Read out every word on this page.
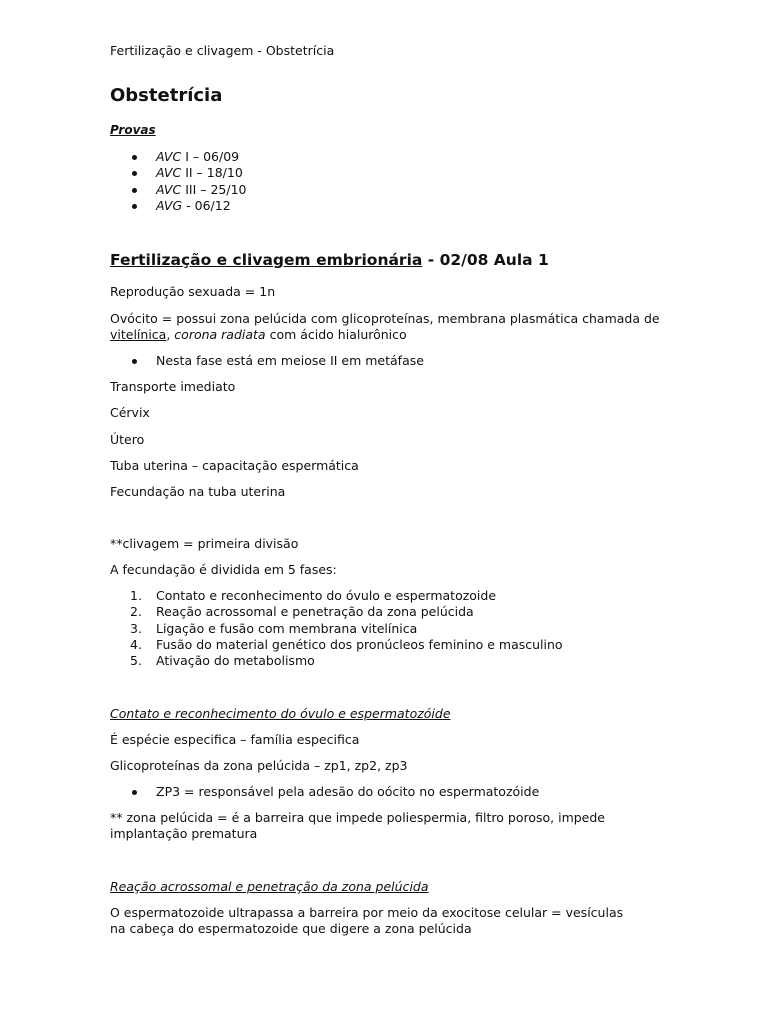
Fertilização e clivagem - Obstetrícia
Obstetrícia
Provas
AVC I – 06/09
AVC II – 18/10
AVC III – 25/10
AVG - 06/12
Fertilização e clivagem embrionária - 02/08 Aula 1
Reprodução sexuada = 1n
Ovócito = possui zona pelúcida com glicoproteínas, membrana plasmática chamada de
vitelínica, corona radiata com ácido hialurônico
Nesta fase está em meiose II em metáfase
Transporte imediato
Cérvix
Útero
Tuba uterina – capacitação espermática
Fecundação na tuba uterina
**clivagem = primeira divisão
A fecundação é dividida em 5 fases:
1. Contato e reconhecimento do óvulo e espermatozoide
2. Reação acrossomal e penetração da zona pelúcida
3. Ligação e fusão com membrana vitelínica
4. Fusão do material genético dos pronúcleos feminino e masculino
5. Ativação do metabolismo
Contato e reconhecimento do óvulo e espermatozóide
É espécie especifica – família especifica
Glicoproteínas da zona pelúcida – zp1, zp2, zp3
ZP3 = responsável pela adesão do oócito no espermatozóide
** zona pelúcida = é a barreira que impede poliespermia, filtro poroso, impede implantação prematura
Reação acrossomal e penetração da zona pelúcida
O espermatozoide ultrapassa a barreira por meio da exocitose celular = vesículas na cabeça do espermatozoide que digere a zona pelúcida
